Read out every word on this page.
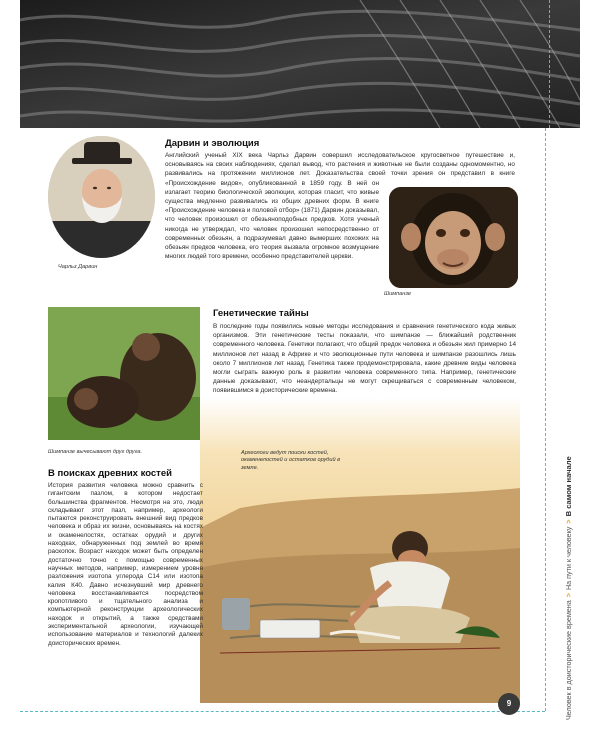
Чарльз Дарвин

Дарвин и эволюция

Английский ученый XIX века Чарльз Дарвин совершил исследовательское кругосветное путешествие и, основываясь на своих наблюдениях, сделал вывод, что растения и животные не были созданы одномоментно, но развивались на протяжении миллионов лет. Доказательства своей точки зрения он представил в книге «Происхождение видов», опубликованной в 1859 году. В ней он излагает теорию биологической эволюции, которая гласит, что живые существа медленно развивались из общих древних форм. В книге «Происхождение человека и половой отбор» (1871) Дарвин доказывал, что человек произошел от обезьяноподобных предков. Хотя ученый никогда не утверждал, что человек произошел непосредственно от современных обезьян, а подразумевал давно вымерших похожих на обезьян предков человека, его теория вызвала огромное возмущение многих людей того времени, особенно представителей церкви.

Шимпанзе

Шимпанзе вычесывают друг друга.

Генетические тайны

В последние годы появились новые методы исследования и сравнения генетического кода живых организмов. Эти генетические тесты показали, что шимпанзе — ближайший родственник современного человека. Генетики полагают, что общий предок человека и обезьян жил примерно 14 миллионов лет назад в Африке и что эволюционные пути человека и шимпанзе разошлись лишь около 7 миллионов лет назад. Генетика также продемонстрировала, какие древние виды человека могли сыграть важную роль в развитии человека современного типа. Например, генетические данные доказывают, что неандертальцы не могут скрещиваться с современным человеком, появившимся в доисторические времена.

Археологи ведут поиски костей, окаменелостей и остатков орудий в земле.

В поисках древних костей

История развития человека можно сравнить с гигантским пазлом, в котором недостает большинства фрагментов. Несмотря на это, люди складывают этот пазл, например, археологи пытаются реконструировать внешний вид предков человека и образ их жизни, основываясь на костях и окаменелостях, остатках орудий и других находках, обнаруженных под землей во время раскопок. Возраст находок может быть определен достаточно точно с помощью современных научных методов, например, измерением уровня разложения изотопа углерода С14 или изотопа калия К40. Давно исчезнувший мир древнего человека восстанавливается посредством кропотливого и тщательного анализа и компьютерной реконструкции археологических находок и открытий, а также средствами экспериментальной археологии, изучающей использование материалов и технологий далеких доисторических времен.

9	Человек в доисторические времена>На пути к человеку>В самом начале
